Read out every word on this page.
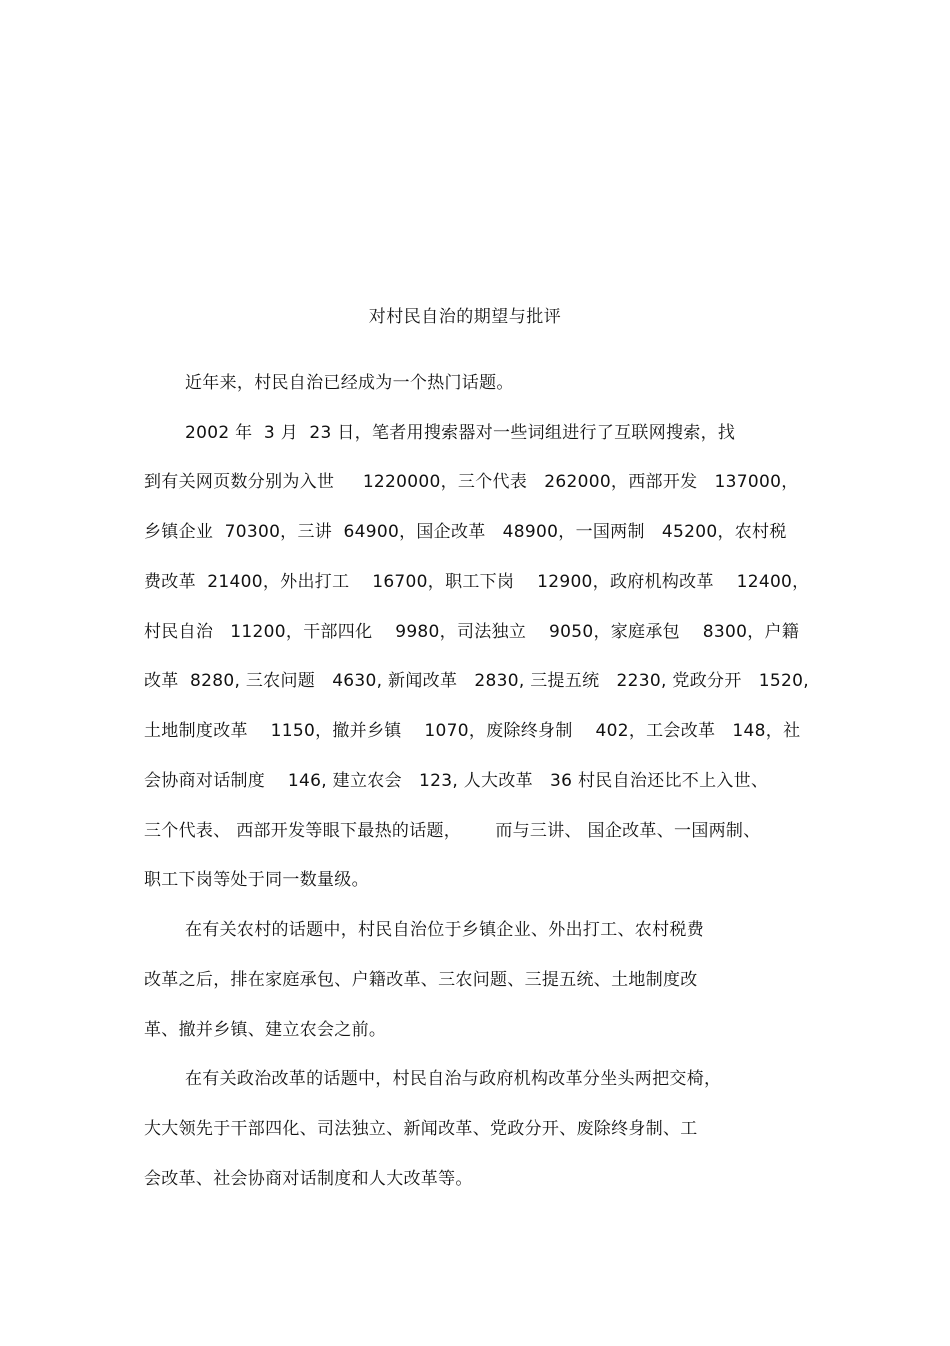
对村民自治的期望与批评
近年来，村民自治已经成为一个热门话题。
2002 年  3 月  23 日，笔者用搜索器对一些词组进行了互联网搜索，找
到有关网页数分别为入世     1220000，三个代表   262000，西部开发   137000，
乡镇企业  70300，三讲  64900，国企改革   48900，一国两制   45200，农村税
费改革  21400，外出打工    16700，职工下岗    12900，政府机构改革    12400，
村民自治   11200，干部四化    9980，司法独立    9050，家庭承包    8300，户籍
改革  8280, 三农问题   4630, 新闻改革   2830, 三提五统   2230, 党政分开   1520,
土地制度改革    1150，撤并乡镇    1070，废除终身制    402，工会改革   148，社
会协商对话制度    146, 建立农会   123, 人大改革   36 村民自治还比不上入世、
三个代表、 西部开发等眼下最热的话题，      而与三讲、 国企改革、一国两制、
职工下岗等处于同一数量级。
在有关农村的话题中，村民自治位于乡镇企业、外出打工、农村税费
改革之后，排在家庭承包、户籍改革、三农问题、三提五统、土地制度改
革、撤并乡镇、建立农会之前。
在有关政治改革的话题中，村民自治与政府机构改革分坐头两把交椅，
大大领先于干部四化、司法独立、新闻改革、党政分开、废除终身制、工
会改革、社会协商对话制度和人大改革等。
